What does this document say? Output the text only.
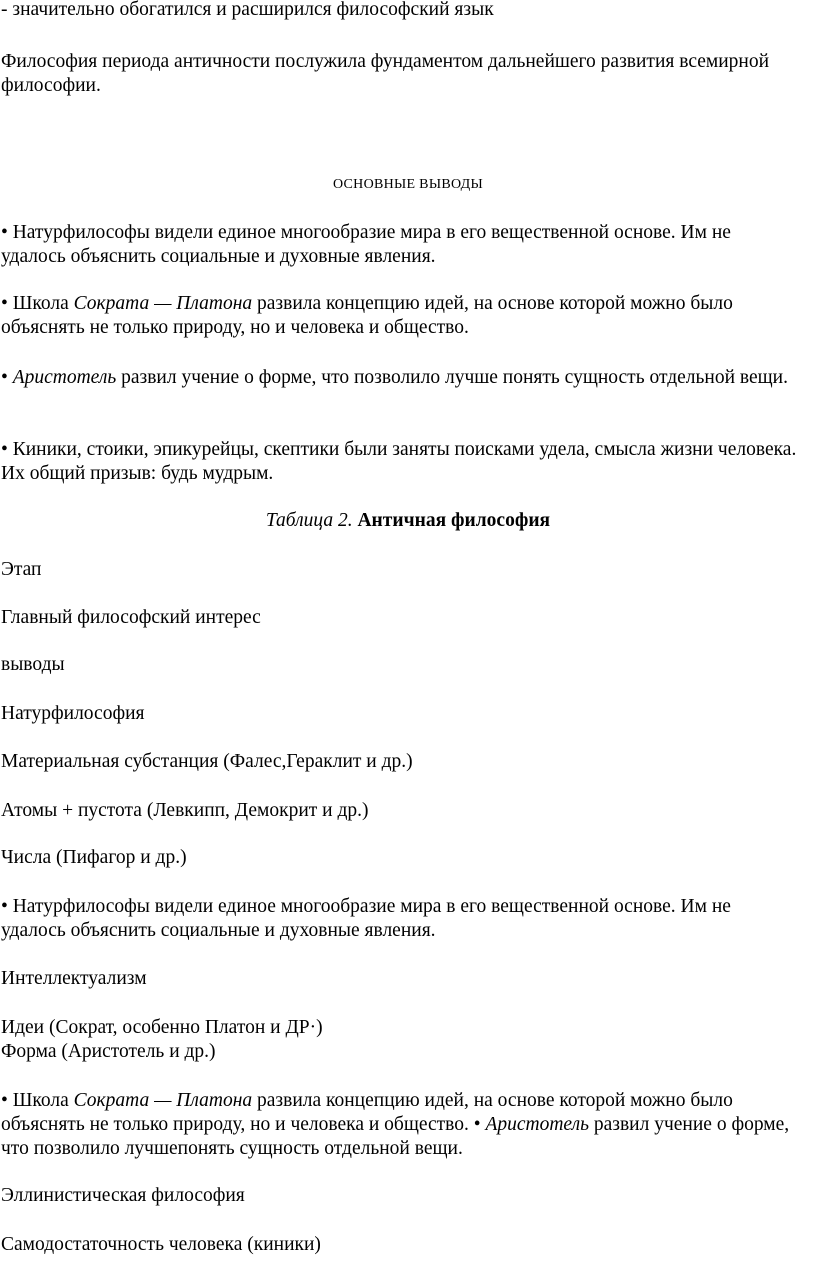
- значительно обогатился и расширился философский язык

Философия периода античности послужила фундаментом дальнейшего развития всемирной философии.

ОСНОВНЫЕ ВЫВОДЫ

• Натурфилософы видели единое многообразие мира в его вещественной основе. Им не удалось объяснить социальные и духовные явления.

• Школа Сократа — Платона развила концепцию идей, на основе которой можно было объяснять не только природу, но и человека и общество.

• Аристотель развил учение о форме, что позволило лучше понять сущность отдельной вещи.

• Киники, стоики, эпикурейцы, скептики были заняты поисками удела, смысла жизни человека. Их общий призыв: будь мудрым.

Таблица 2. Античная философия

Этап

Главный философский интерес

выводы

Натурфилософия

Материальная субстанция (Фалес,Гераклит и др.)

Атомы + пустота (Левкипп, Демокрит и др.)

Числа (Пифагор и др.)

• Натурфилософы видели единое многообразие мира в его вещественной основе. Им не удалось объяснить социальные и духовные явления.

Интеллектуализм

Идеи (Сократ, особенно Платон и ДР·)

Форма (Аристотель и др.)

• Школа Сократа — Платона развила концепцию идей, на основе которой можно было объяснять не только природу, но и человека и общество. • Аристотель развил учение о форме, что позволило лучшепонять сущность отдельной вещи.

Эллинистическая философия

Самодостаточность человека (киники)
